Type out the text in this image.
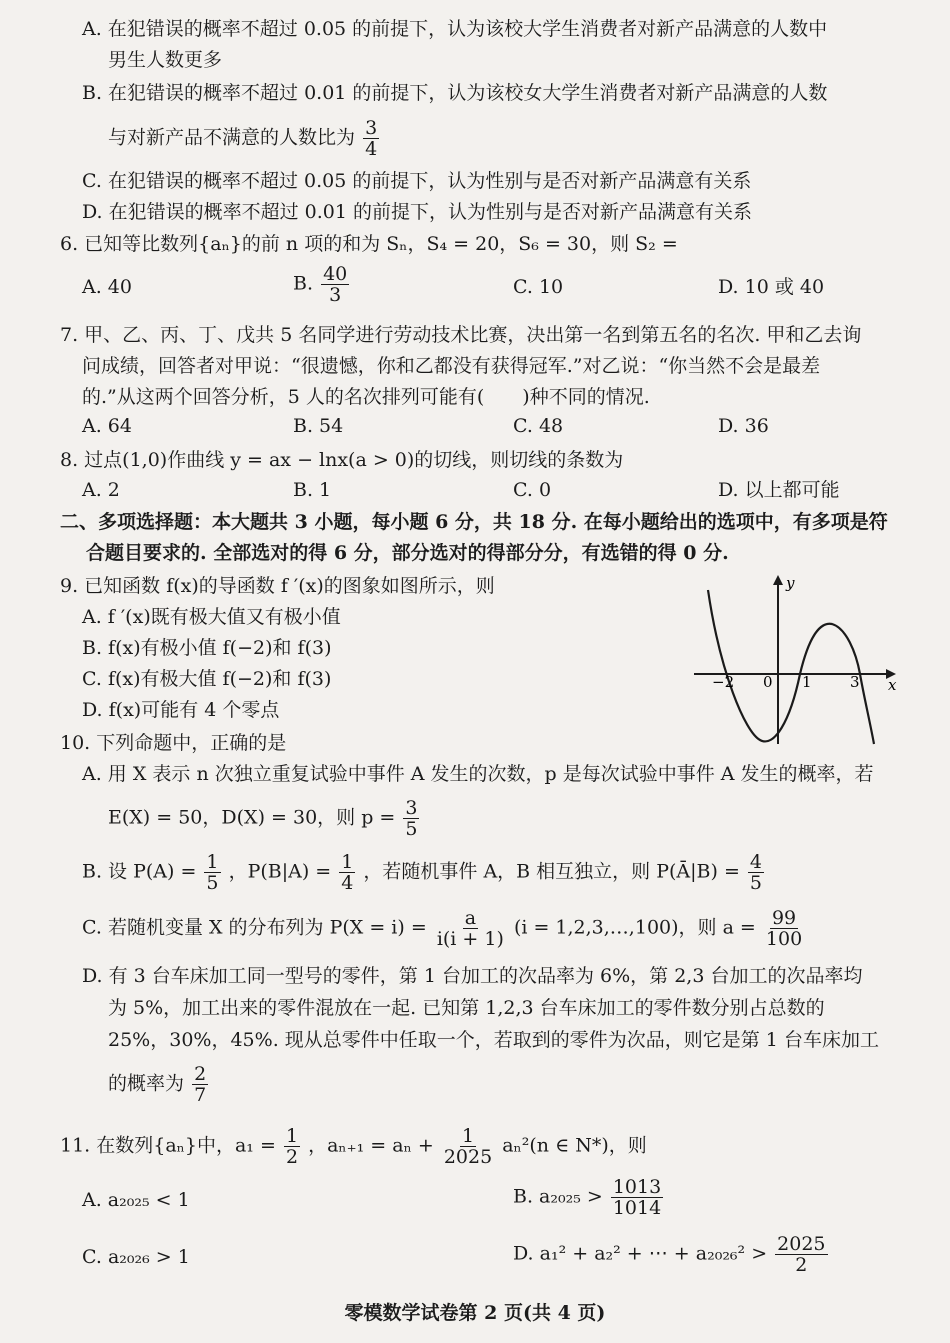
A. 在犯错误的概率不超过 0.05 的前提下，认为该校大学生消费者对新产品满意的人数中
男生人数更多
B. 在犯错误的概率不超过 0.01 的前提下，认为该校女大学生消费者对新产品满意的人数
与对新产品不满意的人数比为 $\frac{3}{4}$
C. 在犯错误的概率不超过 0.05 的前提下，认为性别与是否对新产品满意有关系
D. 在犯错误的概率不超过 0.01 的前提下，认为性别与是否对新产品满意有关系
6. 已知等比数列{aₙ}的前 n 项的和为 Sₙ，S₄ = 20，S₆ = 30，则 S₂ =
A. 40	B. $\frac{40}{3}$	C. 10	D. 10 或 40
7. 甲、乙、丙、丁、戊共 5 名同学进行劳动技术比赛，决出第一名到第五名的名次. 甲和乙去询
问成绩，回答者对甲说：“很遗憾，你和乙都没有获得冠军.”对乙说：“你当然不会是最差
的.”从这两个回答分析，5 人的名次排列可能有(　　)种不同的情况.
A. 64	B. 54	C. 48	D. 36
8. 过点(1,0)作曲线 y = ax − lnx(a > 0)的切线，则切线的条数为
A. 2	B. 1	C. 0	D. 以上都可能
二、多项选择题：本大题共 3 小题，每小题 6 分，共 18 分. 在每小题给出的选项中，有多项是符
合题目要求的. 全部选对的得 6 分，部分选对的得部分分，有选错的得 0 分.
9. 已知函数 f(x)的导函数 f ′(x)的图象如图所示，则
A. f ′(x)既有极大值又有极小值
B. f(x)有极小值 f(−2)和 f(3)
C. f(x)有极大值 f(−2)和 f(3)
D. f(x)可能有 4 个零点
y
x
−2 0 1	3
10. 下列命题中，正确的是
A. 用 X 表示 n 次独立重复试验中事件 A 发生的次数，p 是每次试验中事件 A 发生的概率，若
E(X) = 50，D(X) = 30，则 $p = \frac{3}{5}$
B. 设 $P(A) = \frac{1}{5}$ ，$P(B|A) = \frac{1}{4}$ ，若随机事件 A，B 相互独立，则 P(Ā|B) = $\frac{4}{5}$
C. 若随机变量 X 的分布列为 $P(X = i) = \frac{a}{i(i + 1)} (i$ = 1,2,3,…,100)，则 $a = \frac{99}{100}$
D. 有 3 台车床加工同一型号的零件，第 1 台加工的次品率为 6%，第 2,3 台加工的次品率均
为 5%，加工出来的零件混放在一起. 已知第 1,2,3 台车床加工的零件数分别占总数的
25%，30%，45%. 现从总零件中任取一个，若取到的零件为次品，则它是第 1 台车床加工
的概率为 $\frac{2}{7}$
11. 在数列{aₙ}中，$a_1 = \frac{1}{2}$ ，$a_{n+1} = a_n + \frac{1}{2025} a_n^2(n$ ∈ N*)，则
A. a₂₀₂₅ < 1	B. $a_{2025} > \frac{1013}{1014}$
C. a₂₀₂₆ > 1	D. a₁² + a₂² + ⋯ + $a_{2026}^2 > \frac{2025}{2}$
零模数学试卷第 2 页(共 4 页)
